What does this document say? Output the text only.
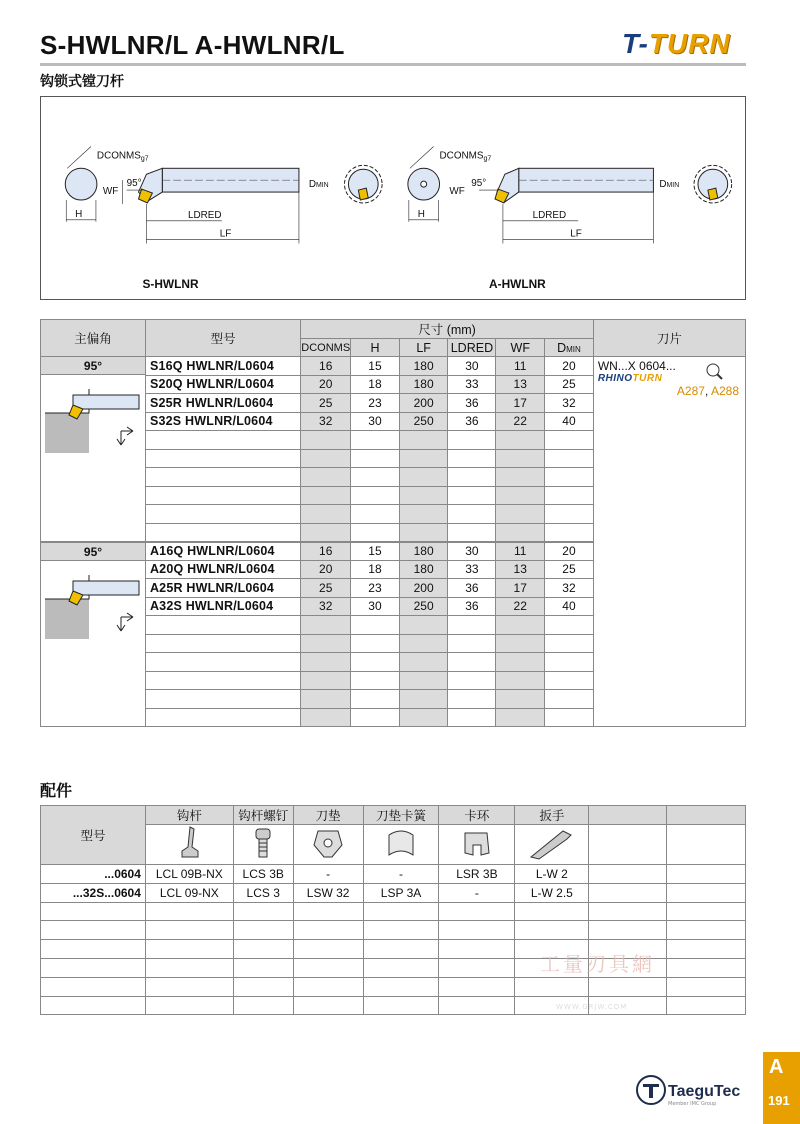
S-HWLNR/L A-HWLNR/L	T-TURN
钩锁式镗刀杆
H
$DCONMS_{g7}$
WF
95°
LDRED
LF
DMIN
S-HWLNR
H
$DCONMS_{g7}$
WF
95°
LDRED
LF
DMIN
A-HWLNR
主偏角	型号	尺寸 (mm)						刀片
		DCONMS	H	LF	LDRED	WF	DMIN	

95°	S16Q HWLNR/L0604	16	15	180	30	11	20	WN...X 0604...
RHINOTURN
A287, A288

	S20Q HWLNR/L0604	20	18	180	33	13	25	
	S25R HWLNR/L0604	25	23	200	36	17	32	
	S32S HWLNR/L0604	32	30	250	36	22	40	

95°	A16Q HWLNR/L0604	16	15	180	30	11	20	
	A20Q HWLNR/L0604	20	18	180	33	13	25	
	A25R HWLNR/L0604	25	23	200	36	17	32	
	A32S HWLNR/L0604	32	30	250	36	22	40	

配件
型号	钩杆	钩杆螺钉	刀垫	刀垫卡簧	卡环	扳手		

...0604	LCL 09B-NX	LCS 3B	-	-	LSR 3B	L-W 2		
...32S...0604	LCL 09-NX	LCS 3	LSW 32	LSP 3A	-	L-W 2.5		

工量刃具網
WWW.GRJW.COM
TaeguTec
Member IMC Group
A
191
